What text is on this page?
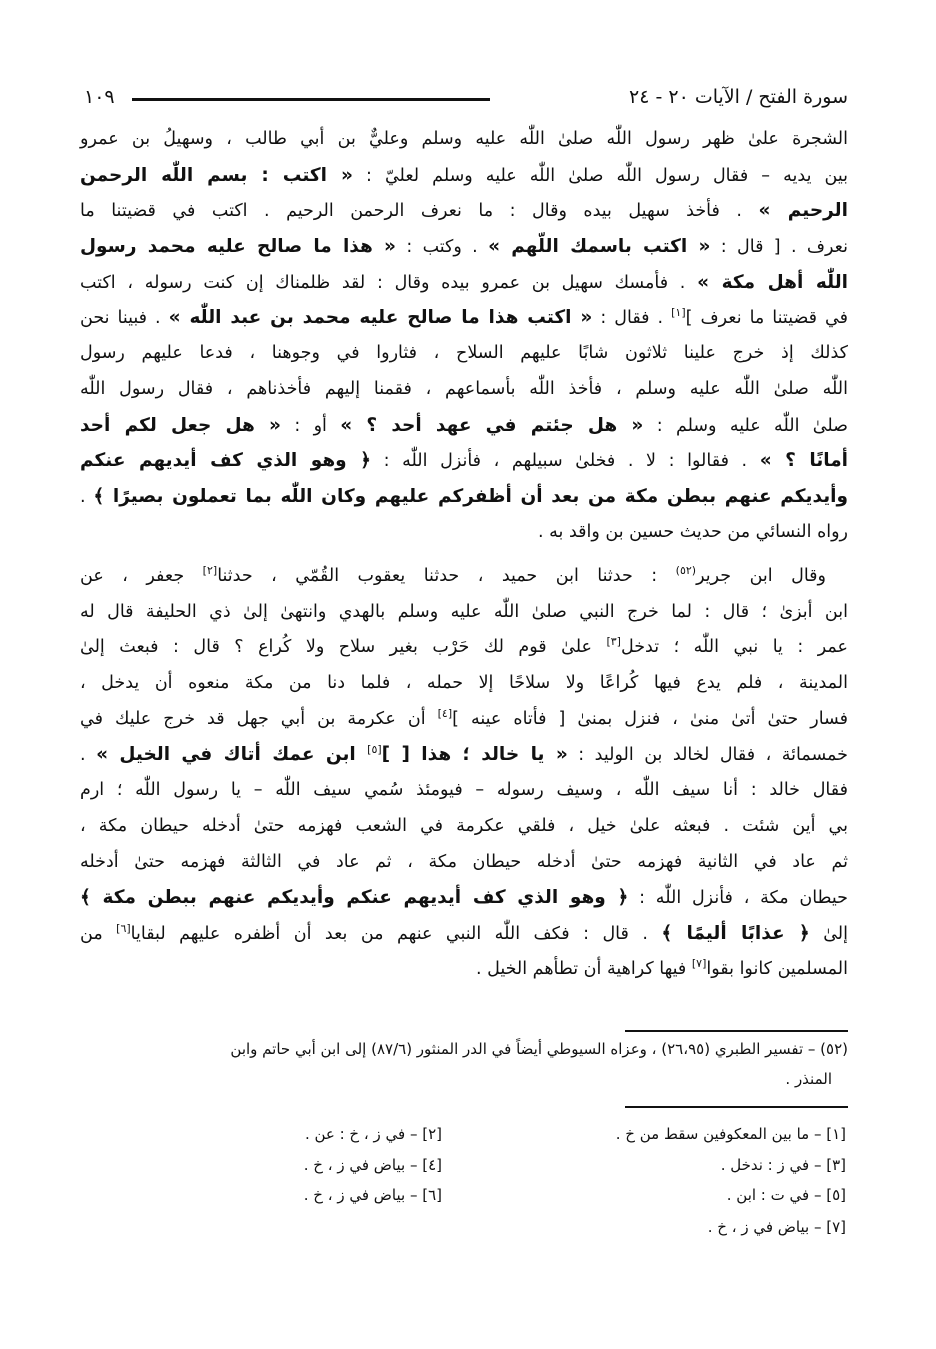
سورة الفتح / الآيات ٢٠ - ٢٤
١٠٩
الشجرة علىٰ ظهر رسول اللّٰه صلىٰ اللّٰه عليه وسلم وعليٌّ بن أبي طالب ، وسهيلُ بن عمرو
بين يديه – فقال رسول اللّٰه صلىٰ اللّٰه عليه وسلم لعليّ : « اكتب : بسم اللّٰه الرحمن
الرحيم » . فأخذ سهيل بيده وقال : ما نعرف الرحمن الرحيم . اكتب في قضيتنا ما
نعرف . [ قال : « اكتب باسمك اللّهم » . وكتب : « هذا ما صالح عليه محمد رسول
اللّٰه أهل مكة » . فأمسك سهيل بن عمرو بيده وقال : لقد ظلمناك إن كنت رسوله ، اكتب
في قضيتنا ما نعرف ][١] . فقال : « اكتب هذا ما صالح عليه محمد بن عبد اللّٰه » . فبينا نحن
كذلك إذ خرج علينا ثلاثون شابًا عليهم السلاح ، فثاروا في وجوهنا ، فدعا عليهم رسول
اللّٰه صلىٰ اللّٰه عليه وسلم ، فأخذ اللّٰه بأسماعهم ، فقمنا إليهم فأخذناهم ، فقال رسول اللّٰه
صلىٰ اللّٰه عليه وسلم : « هل جئتم في عهد أحد ؟ » أو : « هل جعل لكم أحد
أمانًا ؟ » . فقالوا : لا . فخلىٰ سبيلهم ، فأنزل اللّٰه : ﴿ وهو الذي كف أيديهم عنكم
وأيديكم عنهم ببطن مكة من بعد أن أظفركم عليهم وكان اللّٰه بما تعملون بصيرًا ﴾ .
رواه النسائي من حديث حسين بن واقد به .
وقال ابن جرير$^{(٥٢)}$ : حدثنا ابن حميد ، حدثنا يعقوب القُمّي ، حدثنا[٢] جعفر ، عن
ابن أبزىٰ ؛ قال : لما خرج النبي صلىٰ اللّٰه عليه وسلم بالهدي وانتهىٰ إلىٰ ذي الحليفة قال له
عمر : يا نبي اللّٰه ؛ تدخل[٣] علىٰ قوم لك حَرْب بغير سلاح ولا كُراع ؟ قال : فبعث إلىٰ
المدينة ، فلم يدع فيها كُراعًا ولا سلاحًا إلا حمله ، فلما دنا من مكة منعوه أن يدخل ،
فسار حتىٰ أتىٰ منىٰ ، فنزل بمنىٰ [ فأتاه عينه ][٤] أن عكرمة بن أبي جهل قد خرج عليك في
خمسمائة ، فقال لخالد بن الوليد : « يا خالد ؛ هذا [ ][٥] ابن عمك أتاك في الخيل » .
فقال خالد : أنا سيف اللّٰه ، وسيف رسوله – فيومئذ سُمي سيف اللّٰه – يا رسول اللّٰه ؛ ارم
بي أين شئت . فبعثه علىٰ خيل ، فلقي عكرمة في الشعب فهزمه حتىٰ أدخله حيطان مكة ،
ثم عاد في الثانية فهزمه حتىٰ أدخله حيطان مكة ، ثم عاد في الثالثة فهزمه حتىٰ أدخله
حيطان مكة ، فأنزل اللّٰه : ﴿ وهو الذي كف أيديهم عنكم وأيديكم عنهم ببطن مكة ﴾
إلىٰ ﴿ عذابًا أليمًا ﴾ . قال : فكف اللّٰه النبي عنهم من بعد أن أظفره عليهم لبقايا[٦] من
المسلمين كانوا بقوا[٧] فيها كراهية أن تطأهم الخيل .
(٥٢) – تفسير الطبري (٢٦،٩٥) ، وعزاه السيوطي أيضاً في الدر المنثور (٨٧/٦) إلى ابن أبي حاتم وابن
المنذر .
[١] – ما بين المعكوفين سقط من خ .
[٢] – في ز ، خ : عن .
[٣] – في ز : ندخل .
[٤] – بياض في ز ، خ .
[٥] – في ت : ابن .
[٦] – بياض في ز ، خ .
[٧] – بياض في ز ، خ .
